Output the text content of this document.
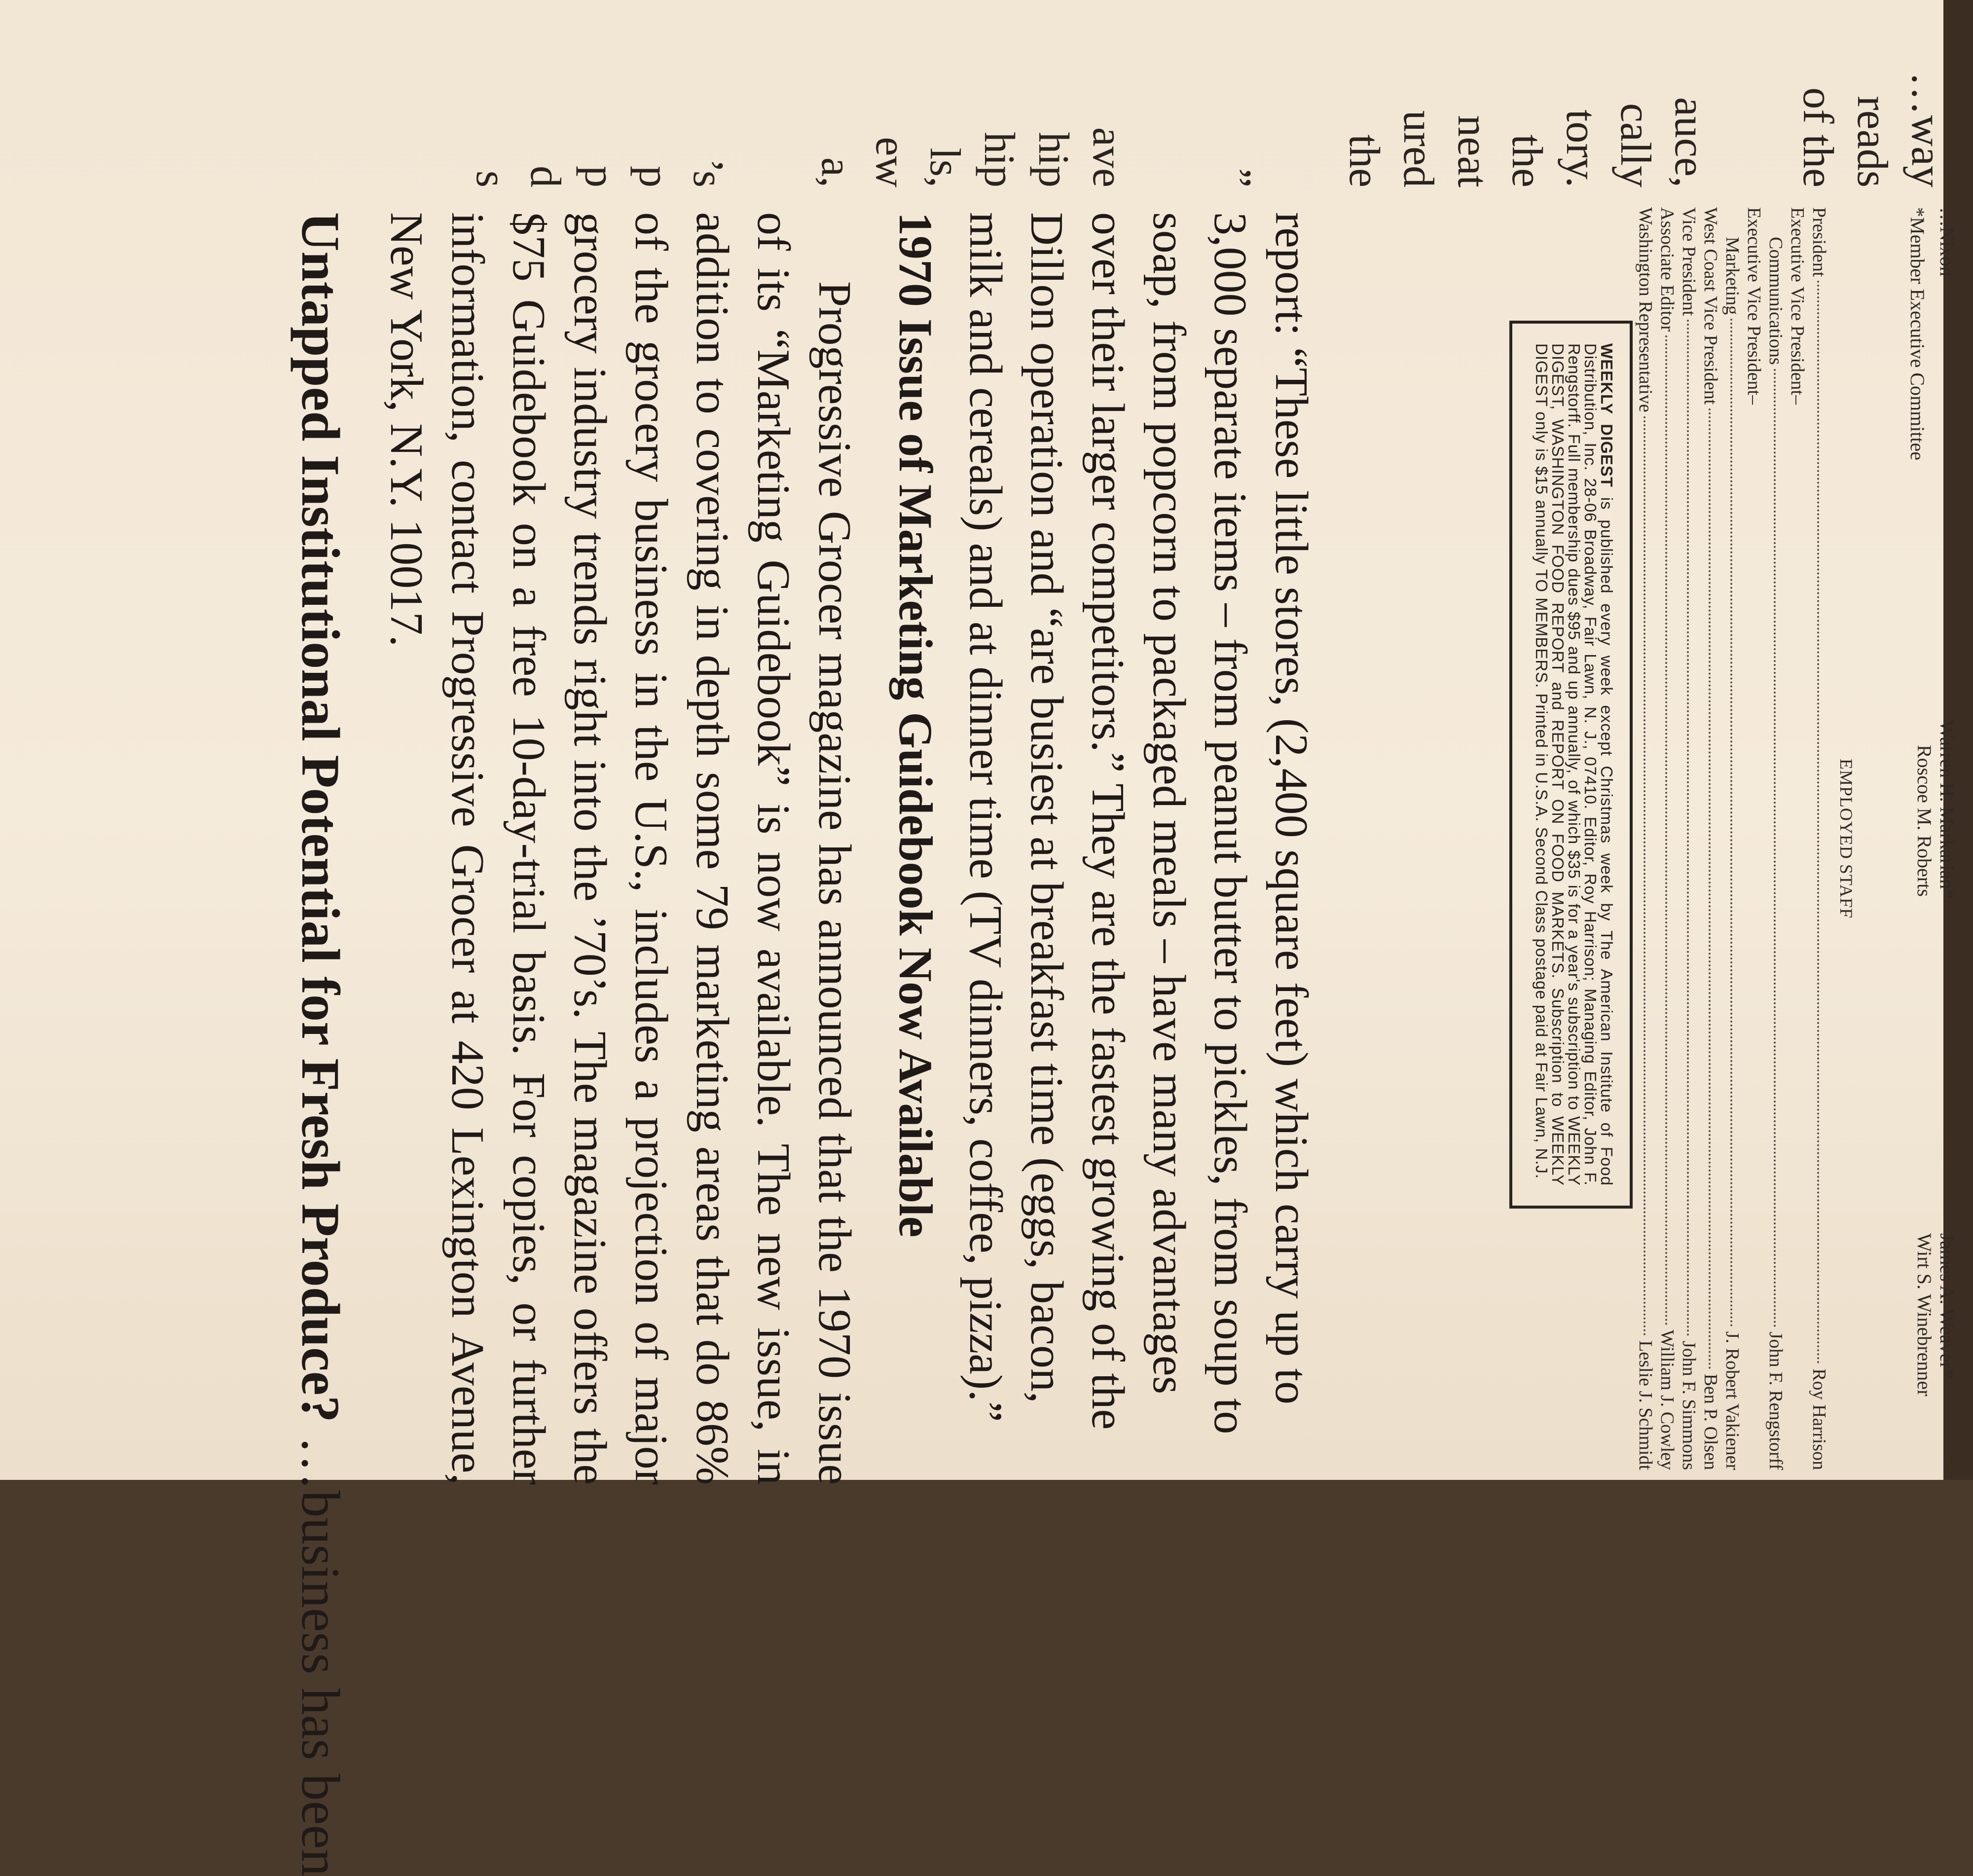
…way
reads
of the
auce,
cally
tory.
the
neat
ured
the
”
ave
hip
hip
ls,
ew
a,
’s
p
p
d
s
…Nixon
Warren H. Markarian*
James A. Weaver*
Roscoe M. Roberts
Wirt S. Winebrenner
*Member Executive Committee
EMPLOYED STAFF
President
Roy Harrison
Executive Vice President–
Communications
John F. Rengstorff
Executive Vice President–
Marketing
J. Robert Vakiener
West Coast Vice President
Ben P. Olsen
Vice President
John F. Simmons
Associate Editor
William J. Cowley
Washington Representative
Leslie J. Schmidt
WEEKLY DIGEST is published every week except Christmas week by The American Institute of Food Distribution, Inc. 28-06 Broadway, Fair Lawn, N. J., 07410. Editor, Roy Harrison; Managing Editor, John F. Rengstorff. Full membership dues $95 and up annually, of which $35 is for a year's subscription to WEEKLY DIGEST, WASHINGTON FOOD REPORT and REPORT ON FOOD MARKETS. Subscription to WEEKLY DIGEST only is $15 annually TO MEMBERS. Printed in U.S.A. Second Class postage paid at Fair Lawn, N.J.

report: “These little stores, (2,400 square feet) which carry up to 3,000 separate items – from peanut butter to pickles, from soup to soap, from popcorn to packaged meals – have many advantages over their larger competitors.” They are the fastest growing of the Dillon operation and “are busiest at breakfast time (eggs, bacon, milk and cereals) and at dinner time (TV dinners, coffee, pizza).”

1970 Issue of Marketing Guidebook Now Available

Progressive Grocer magazine has announced that the 1970 issue of its “Marketing Guidebook” is now available. The new issue, in addition to covering in depth some 79 marketing areas that do 86% of the grocery business in the U.S., includes a projection of major grocery industry trends right into the ’70’s. The magazine offers the $75 Guidebook on a free 10-day-trial basis. For copies, or further information, contact Progressive Grocer at 420 Lexington Avenue, New York, N.Y. 10017.

Untapped Institutional Potential for Fresh Produce? …business has been
